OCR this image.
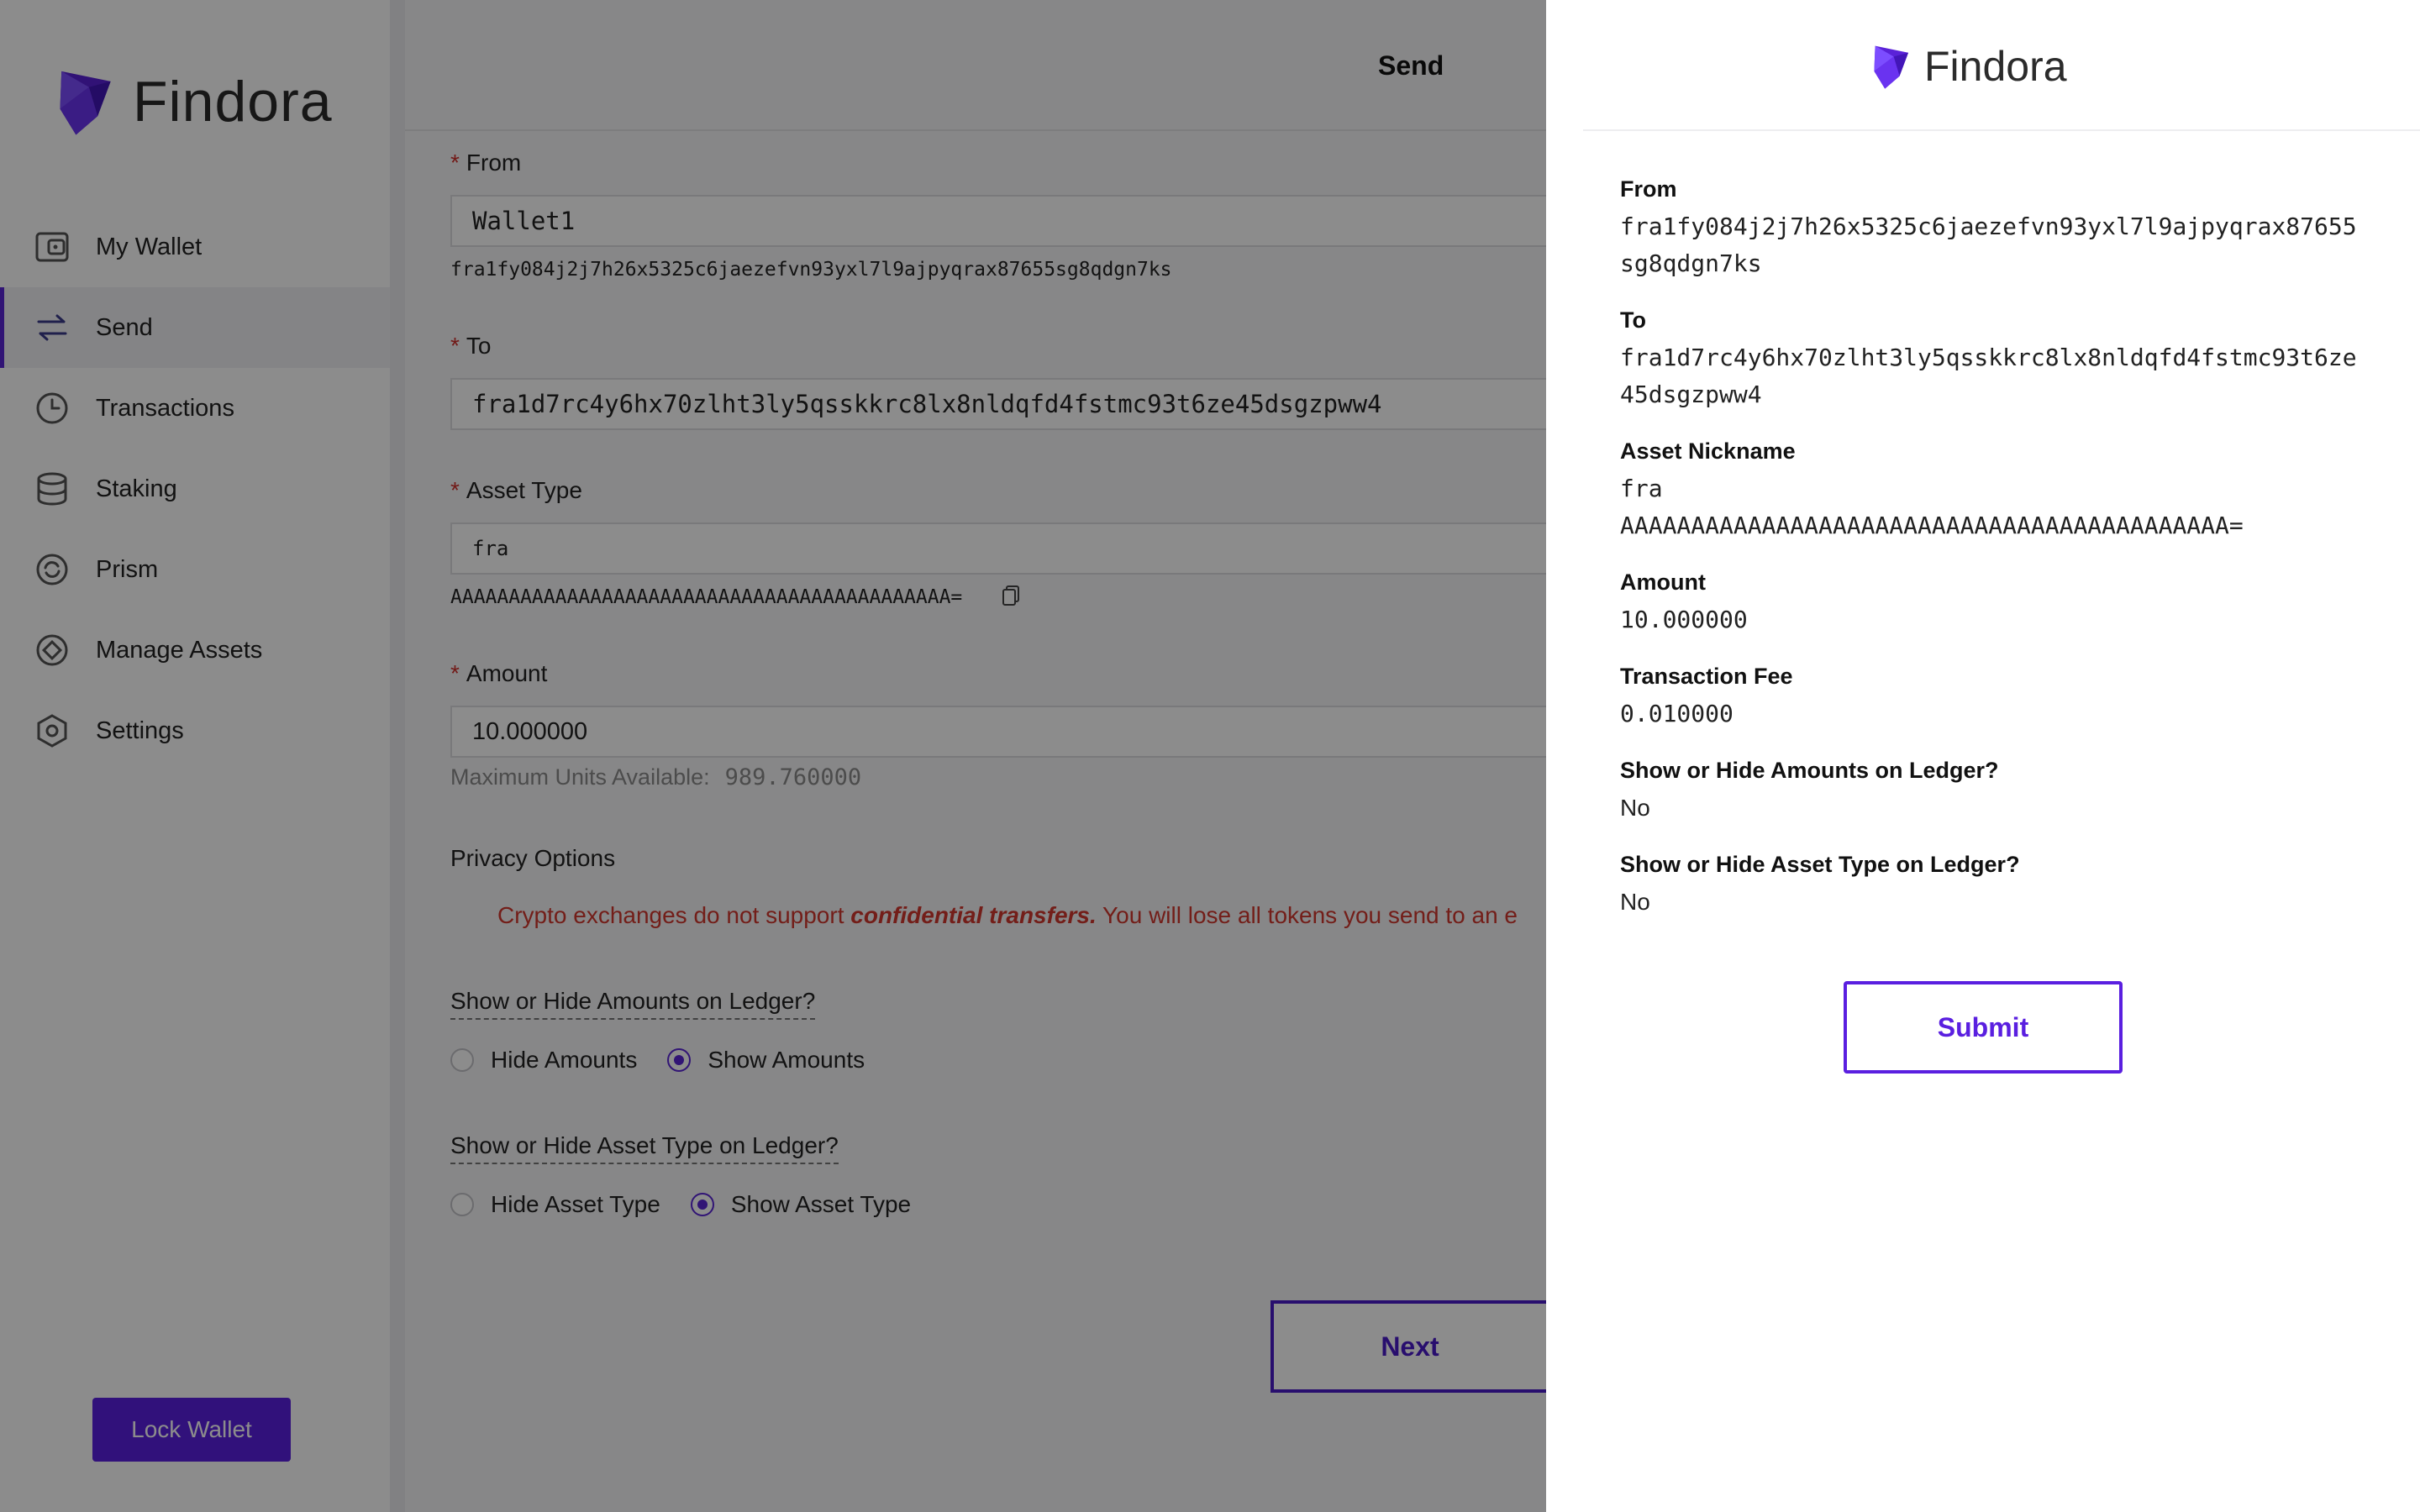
Findora
My Wallet
Send
Transactions
Staking
Prism
Manage Assets
Settings
Lock Wallet
Send
* From
Wallet1
fra1fy084j2j7h26x5325c6jaezefvn93yxl7l9ajpyqrax87655sg8qdgn7ks
* To
fra1d7rc4y6hx70zlht3ly5qsskkrc8lx8nldqfd4fstmc93t6ze45dsgzpww4
* Asset Type
fra
AAAAAAAAAAAAAAAAAAAAAAAAAAAAAAAAAAAAAAAAAAA=
* Amount
10.000000
Maximum Units Available: 989.760000
Privacy Options
Crypto exchanges do not support confidential transfers. You will lose all tokens you send to an e
Show or Hide Amounts on Ledger?
Hide Amounts	Show Amounts
Show or Hide Asset Type on Ledger?
Hide Asset Type	Show Asset Type
Next
Findora
From
fra1fy084j2j7h26x5325c6jaezefvn93yxl7l9ajpyqrax87655sg8qdgn7ks
To
fra1d7rc4y6hx70zlht3ly5qsskkrc8lx8nldqfd4fstmc93t6ze45dsgzpww4
Asset Nickname
fra
AAAAAAAAAAAAAAAAAAAAAAAAAAAAAAAAAAAAAAAAAAA=
Amount
10.000000
Transaction Fee
0.010000
Show or Hide Amounts on Ledger?
No
Show or Hide Asset Type on Ledger?
No
Submit
